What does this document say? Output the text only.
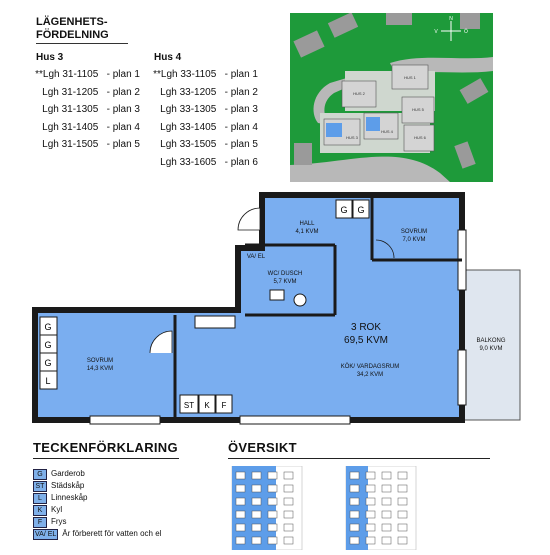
LÄGENHETS-
FÖRDELNING
Hus 3
**Lgh 31-1105   - plan 1
Lgh 31-1205   - plan 2
Lgh 31-1305   - plan 3
Lgh 31-1405   - plan 4
Lgh 31-1505   - plan 5
Hus 4
**Lgh 33-1105   - plan 1
Lgh 33-1205   - plan 2
Lgh 33-1305   - plan 3
Lgh 33-1405   - plan 4
Lgh 33-1505   - plan 5
Lgh 33-1605   - plan 6
HUS 1
HUS 2
HUS 3
HUS 4
HUS 5
HUS 6
N
V	Ö
G G
G
G
G
L
ST K F
HALL
4,1 KVM	SOVRUM
7,0 KVM
WC/ DUSCH
5,7 KVM
VA/ EL
3 ROK
69,5 KVM
SOVRUM
14,3 KVM	KÖK/ VARDAGSRUM
34,2 KVM
BALKONG
9,0 KVM
TECKENFÖRKLARING
G	Garderob
ST Städskåp
L	Linneskåp
K	Kyl
F	Frys
VA/ EL Är förberett för vatten och el
ÖVERSIKT
